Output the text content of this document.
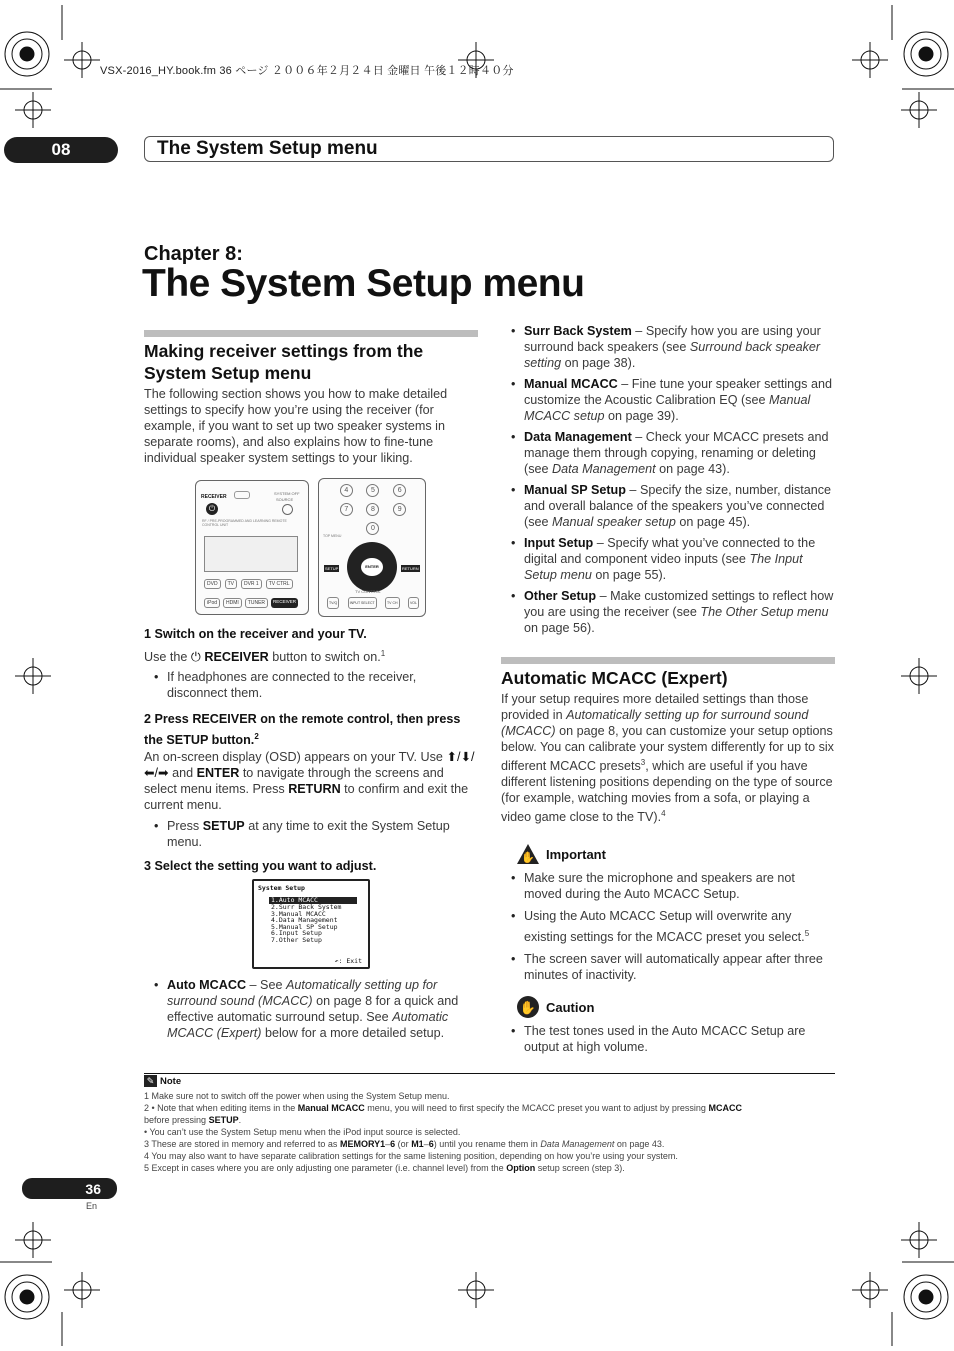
VSX-2016_HY.book.fm 36 ページ ２００６年２月２４日 金曜日 午後１２時４０分
08	The System Setup menu
Chapter 8:
The System Setup menu
Making receiver settings from the System Setup menu

The following section shows you how to make detailed settings to specify how you’re using the receiver (for example, if you want to set up two speaker systems in separate rooms), and also explains how to fine-tune individual speaker system settings to your liking.

RECEIVER
⏻
SYSTEM OFF
SOURCE
RF / PRE-PROGRAMMED AND LEARNING REMOTE CONTROL UNIT
DVD	TV	DVR 1	TV CTRL
iPod	HDMI	TUNER	RECEIVER
4	5	6
7	8	9
0
TOP MENU
ENTER
SETUP	RETURN
TV CONTROL
TV/Q	INPUT SELECT	TV CH	VOL
1 Switch on the receiver and your TV.

Use the ⏻ RECEIVER button to switch on.$^1$

• If headphones are connected to the receiver, disconnect them.

2 Press RECEIVER on the remote control, then press the SETUP button.$^2$

An on-screen display (OSD) appears on your TV. Use ⬆/⬇/⬅/➡ and ENTER to navigate through the screens and select menu items. Press RETURN to confirm and exit the current menu.

• Press SETUP at any time to exit the System Setup menu.

3 Select the setting you want to adjust.
System Setup
1.Auto MCACC
2.Surr Back System
3.Manual MCACC
4.Data Management
5.Manual SP Setup
6.Input Setup
7.Other Setup
↶: Exit

• Auto MCACC – See Automatically setting up for surround sound (MCACC) on page 8 for a quick and effective automatic surround setup. See Automatic MCACC (Expert) below for a more detailed setup.

• Surr Back System – Specify how you are using your surround back speakers (see Surround back speaker setting on page 38).

• Manual MCACC – Fine tune your speaker settings and customize the Acoustic Calibration EQ (see Manual MCACC setup on page 39).

• Data Management – Check your MCACC presets and manage them through copying, renaming or deleting (see Data Management on page 43).

• Manual SP Setup – Specify the size, number, distance and overall balance of the speakers you’ve connected (see Manual speaker setup on page 45).

• Input Setup – Specify what you’ve connected to the digital and component video inputs (see The Input Setup menu on page 55).

• Other Setup – Make customized settings to reflect how you are using the receiver (see The Other Setup menu on page 56).

Automatic MCACC (Expert)

If your setup requires more detailed settings than those provided in Automatically setting up for surround sound (MCACC) on page 8, you can customize your setup options below. You can calibrate your system differently for up to six different MCACC presets$^3$, which are useful if you have different listening positions depending on the type of source (for example, watching movies from a sofa, or playing a video game close to the TV).$^4$

✋ Important

• Make sure the microphone and speakers are not moved during the Auto MCACC Setup.

• Using the Auto MCACC Setup will overwrite any existing settings for the MCACC preset you select.$^5$

• The screen saver will automatically appear after three minutes of inactivity.

✋ Caution

• The test tones used in the Auto MCACC Setup are output at high volume.

✎ Note
1 Make sure not to switch off the power when using the System Setup menu.
2 • Note that when editing items in the Manual MCACC menu, you will need to first specify the MCACC preset you want to adjust by pressing MCACC
before pressing SETUP.
• You can’t use the System Setup menu when the iPod input source is selected.
3 These are stored in memory and referred to as MEMORY1–6 (or M1–6) until you rename them in Data Management on page 43.
4 You may also want to have separate calibration settings for the same listening position, depending on how you’re using your system.
5 Except in cases where you are only adjusting one parameter (i.e. channel level) from the Option setup screen (step 3).
36
En
